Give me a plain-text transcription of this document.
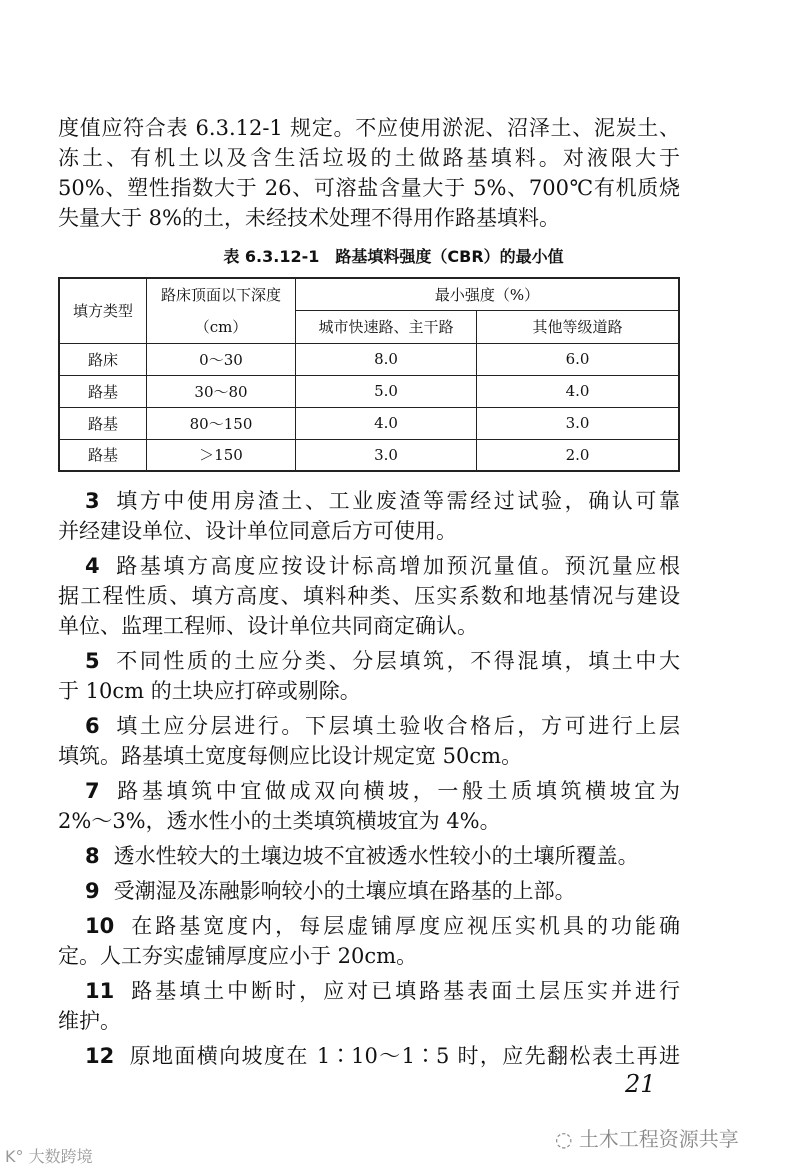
表 6.3.12-1　路基填料强度（CBR）的最小值
填方类型	路床顶面以下深度	最小强度（%）	
	（cm）	城市快速路、主干路	其他等级道路
路床	0～30	8.0	6.0
路基	30～80	5.0	4.0
路基	80～150	4.0	3.0
路基	＞150	3.0	2.0
21
◌ 土木工程资源共享
K° 大数跨境
度值应符合表 6.3.12-1 规定。不应使用淤泥、沼泽土、泥炭土、
冻土、有机土以及含生活垃圾的土做路基填料。对液限大于
50%、塑性指数大于 26、可溶盐含量大于 5%、700℃有机质烧
失量大于 8%的土，未经技术处理不得用作路基填料。
3 填方中使用房渣土、工业废渣等需经过试验，确认可靠
并经建设单位、设计单位同意后方可使用。
4 路基填方高度应按设计标高增加预沉量值。预沉量应根
据工程性质、填方高度、填料种类、压实系数和地基情况与建设
单位、监理工程师、设计单位共同商定确认。
5 不同性质的土应分类、分层填筑，不得混填，填土中大
于 10cm 的土块应打碎或剔除。
6 填土应分层进行。下层填土验收合格后，方可进行上层
填筑。路基填土宽度每侧应比设计规定宽 50cm。
7 路基填筑中宜做成双向横坡，一般土质填筑横坡宜为
2%～3%，透水性小的土类填筑横坡宜为 4%。
8 透水性较大的土壤边坡不宜被透水性较小的土壤所覆盖。
9 受潮湿及冻融影响较小的土壤应填在路基的上部。
10 在路基宽度内，每层虚铺厚度应视压实机具的功能确
定。人工夯实虚铺厚度应小于 20cm。
11 路基填土中断时，应对已填路基表面土层压实并进行
维护。
12 原地面横向坡度在 1∶10～1∶5 时，应先翻松表土再进
